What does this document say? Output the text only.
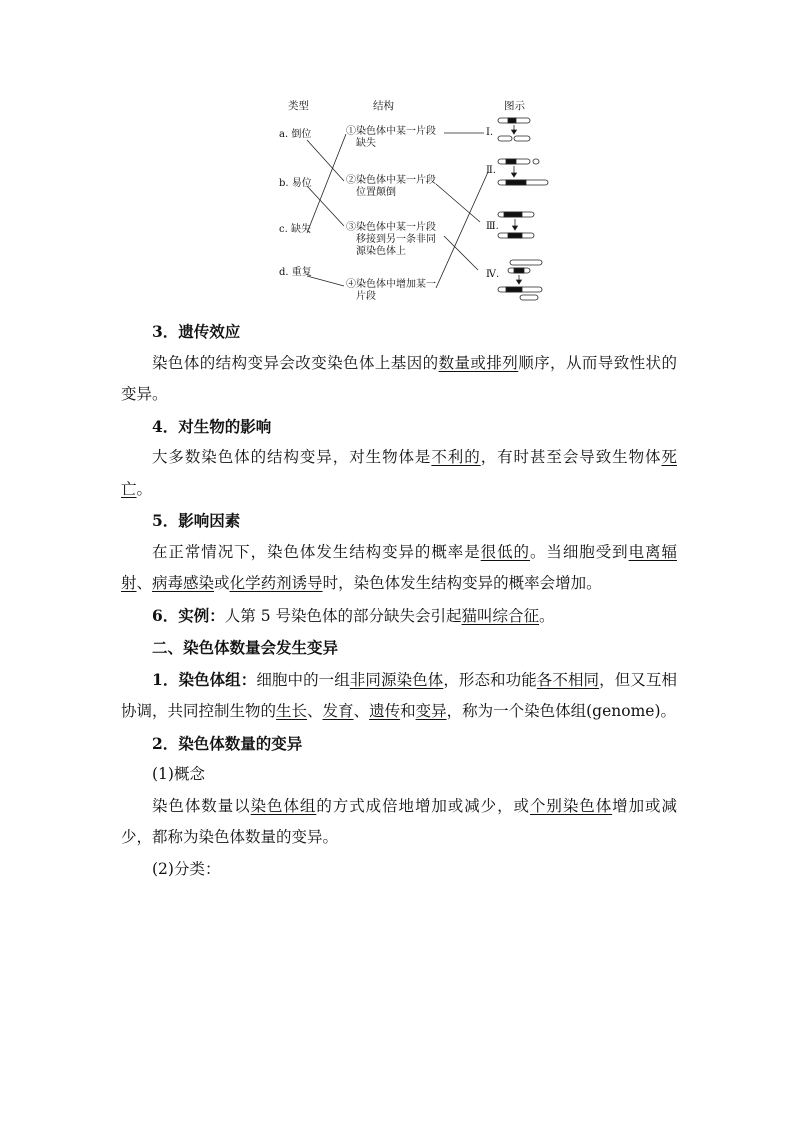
类型	结构	图示
a. 倒位
b. 易位
c. 缺失
d. 重复
①染色体中某一片段
缺失
②染色体中某一片段
位置颠倒
③染色体中某一片段
移接到另一条非同
源染色体上
④染色体中增加某一
片段
Ⅰ.
Ⅱ.
Ⅲ.
Ⅳ.

3．遗传效应

染色体的结构变异会改变染色体上基因的数量或排列顺序，从而导致性状的变异。

4．对生物的影响

大多数染色体的结构变异，对生物体是不利的，有时甚至会导致生物体死亡。

5．影响因素

在正常情况下，染色体发生结构变异的概率是很低的。当细胞受到电离辐射、病毒感染或化学药剂诱导时，染色体发生结构变异的概率会增加。

6．实例：人第 5 号染色体的部分缺失会引起猫叫综合征。

二、染色体数量会发生变异

1．染色体组：细胞中的一组非同源染色体，形态和功能各不相同，但又互相协调，共同控制生物的生长、发育、遗传和变异，称为一个染色体组(genome)。

2．染色体数量的变异

(1)概念

染色体数量以染色体组的方式成倍地增加或减少，或个别染色体增加或减少，都称为染色体数量的变异。

(2)分类：
